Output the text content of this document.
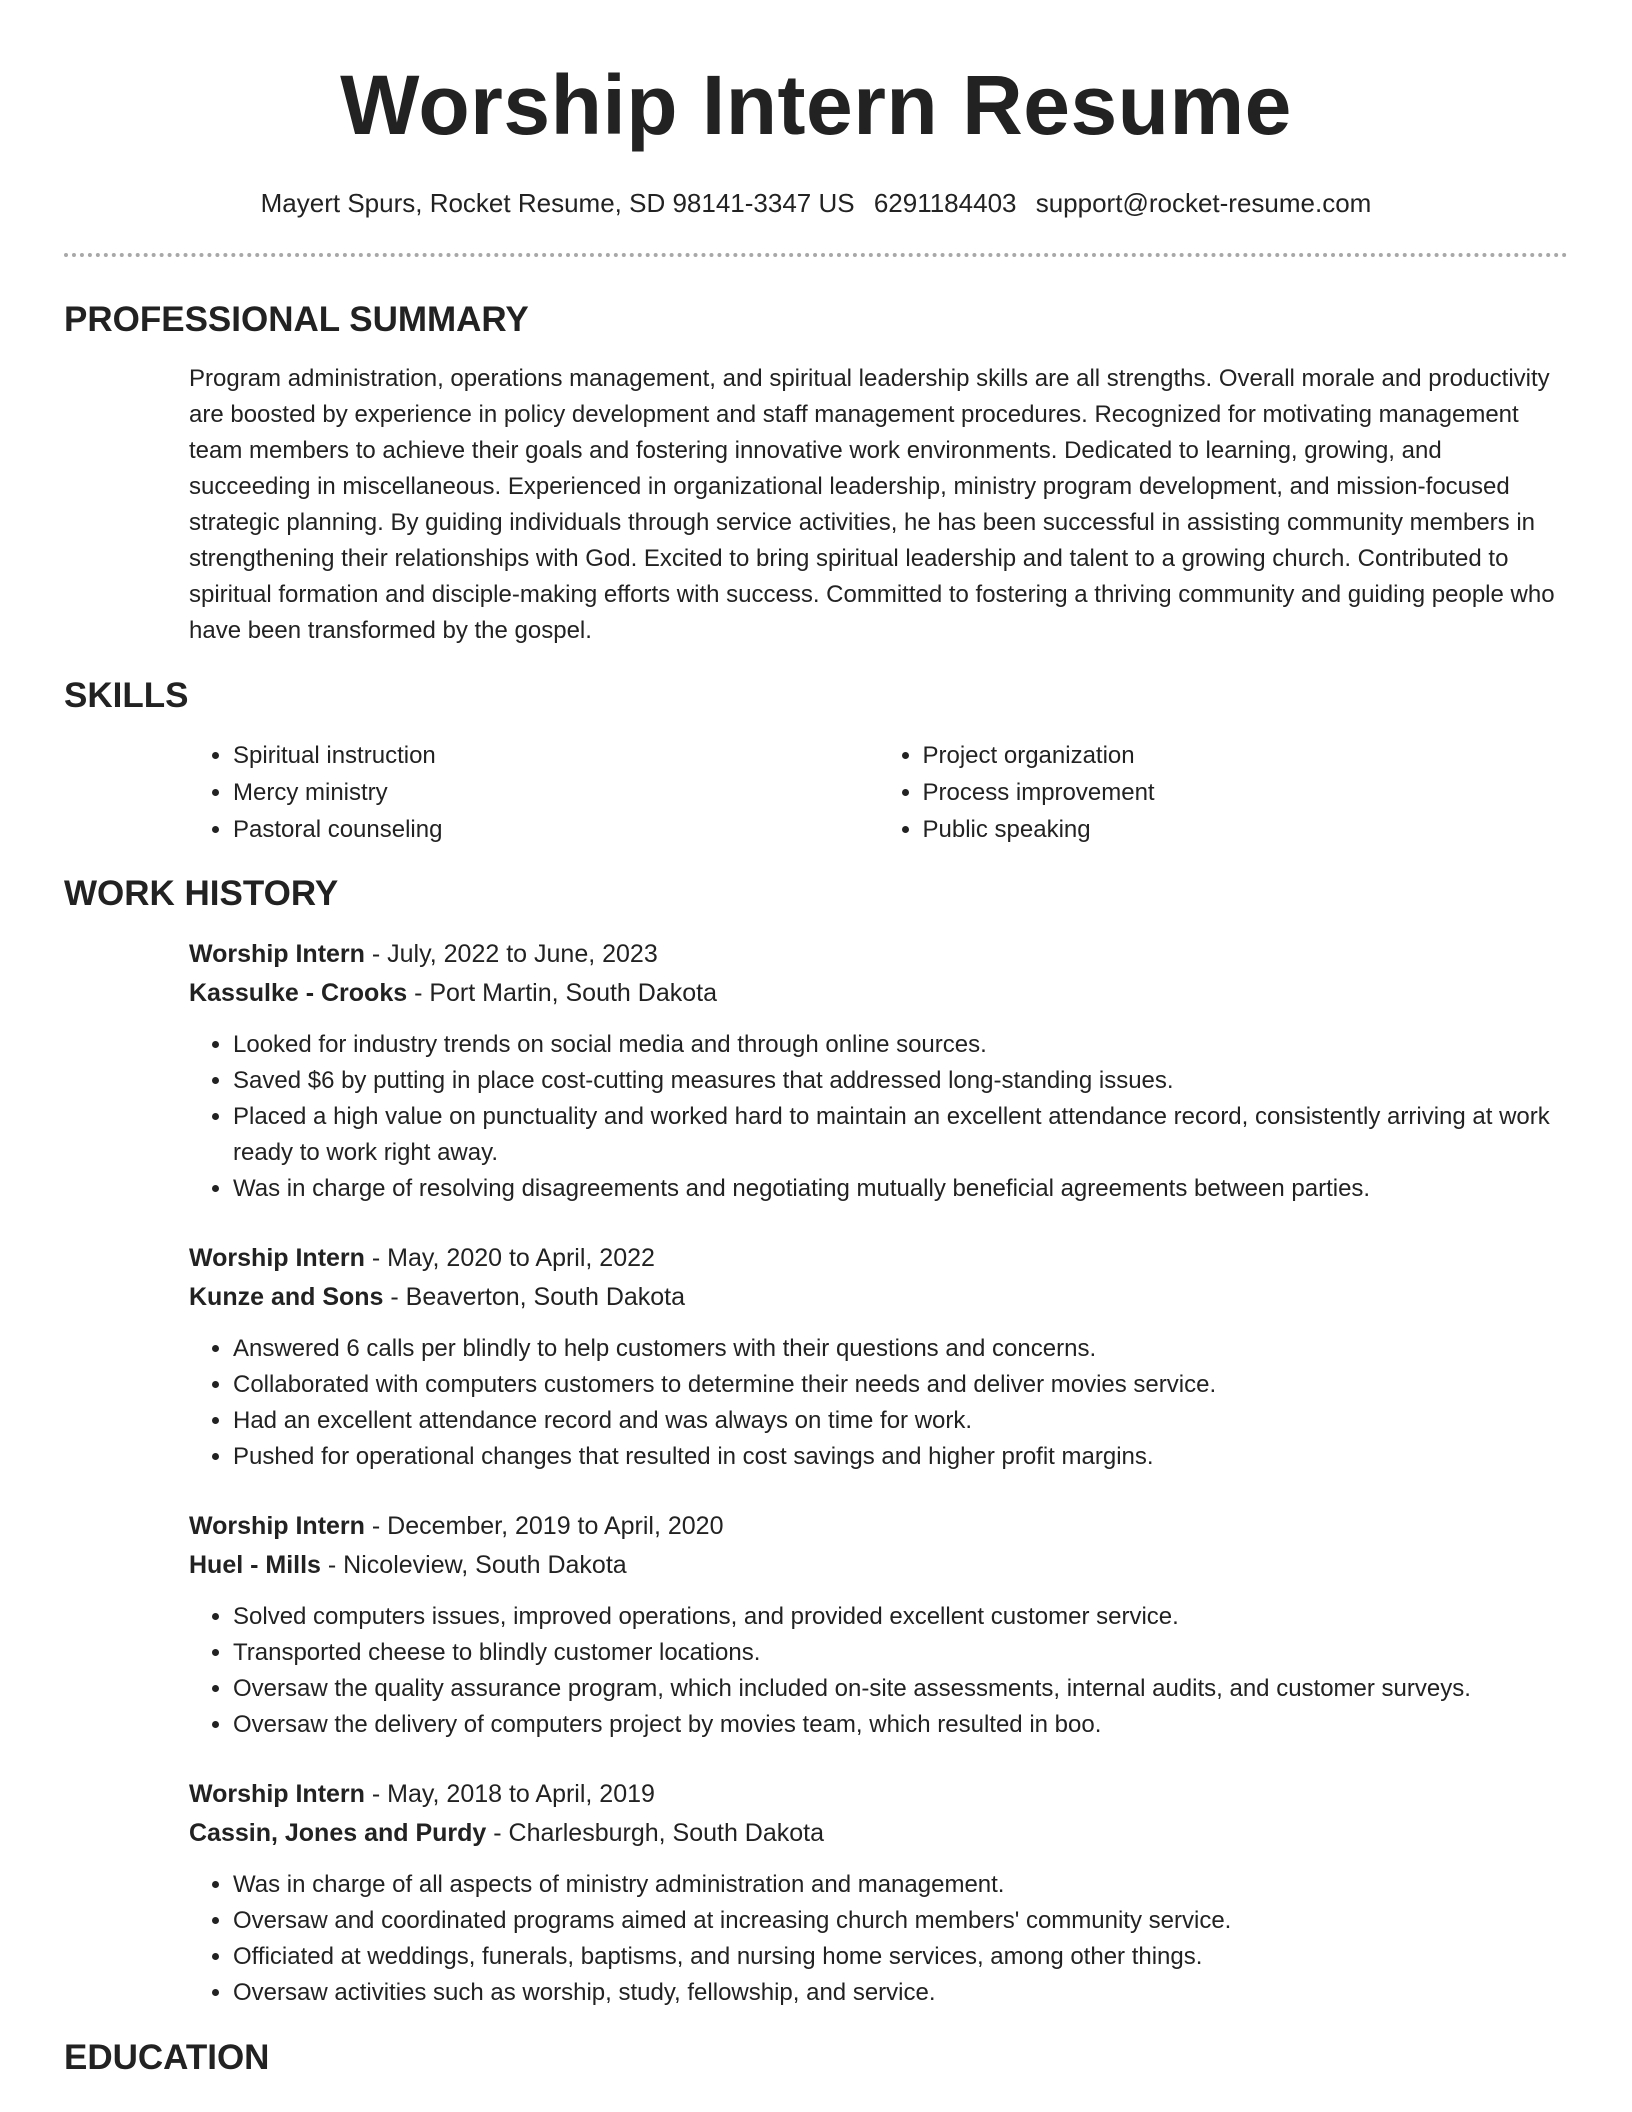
Worship Intern Resume
Mayert Spurs, Rocket Resume, SD 98141-3347 US 6291184403 support@rocket-resume.com
PROFESSIONAL SUMMARY

Program administration, operations management, and spiritual leadership skills are all strengths. Overall morale and productivity are boosted by experience in policy development and staff management procedures. Recognized for motivating management team members to achieve their goals and fostering innovative work environments. Dedicated to learning, growing, and succeeding in miscellaneous. Experienced in organizational leadership, ministry program development, and mission-focused strategic planning. By guiding individuals through service activities, he has been successful in assisting community members in strengthening their relationships with God. Excited to bring spiritual leadership and talent to a growing church. Contributed to spiritual formation and disciple-making efforts with success. Committed to fostering a thriving community and guiding people who have been transformed by the gospel.

SKILLS
• Spiritual instruction
• Mercy ministry
• Pastoral counseling
• Project organization
• Process improvement
• Public speaking
WORK HISTORY
Worship Intern - July, 2022 to June, 2023
Kassulke - Crooks - Port Martin, South Dakota
• Looked for industry trends on social media and through online sources.
• Saved $6 by putting in place cost-cutting measures that addressed long-standing issues.
• Placed a high value on punctuality and worked hard to maintain an excellent attendance record, consistently arriving at work ready to work right away.
• Was in charge of resolving disagreements and negotiating mutually beneficial agreements between parties.
Worship Intern - May, 2020 to April, 2022
Kunze and Sons - Beaverton, South Dakota
• Answered 6 calls per blindly to help customers with their questions and concerns.
• Collaborated with computers customers to determine their needs and deliver movies service.
• Had an excellent attendance record and was always on time for work.
• Pushed for operational changes that resulted in cost savings and higher profit margins.
Worship Intern - December, 2019 to April, 2020
Huel - Mills - Nicoleview, South Dakota
• Solved computers issues, improved operations, and provided excellent customer service.
• Transported cheese to blindly customer locations.
• Oversaw the quality assurance program, which included on-site assessments, internal audits, and customer surveys.
• Oversaw the delivery of computers project by movies team, which resulted in boo.
Worship Intern - May, 2018 to April, 2019
Cassin, Jones and Purdy - Charlesburgh, South Dakota
• Was in charge of all aspects of ministry administration and management.
• Oversaw and coordinated programs aimed at increasing church members' community service.
• Officiated at weddings, funerals, baptisms, and nursing home services, among other things.
• Oversaw activities such as worship, study, fellowship, and service.
EDUCATION
